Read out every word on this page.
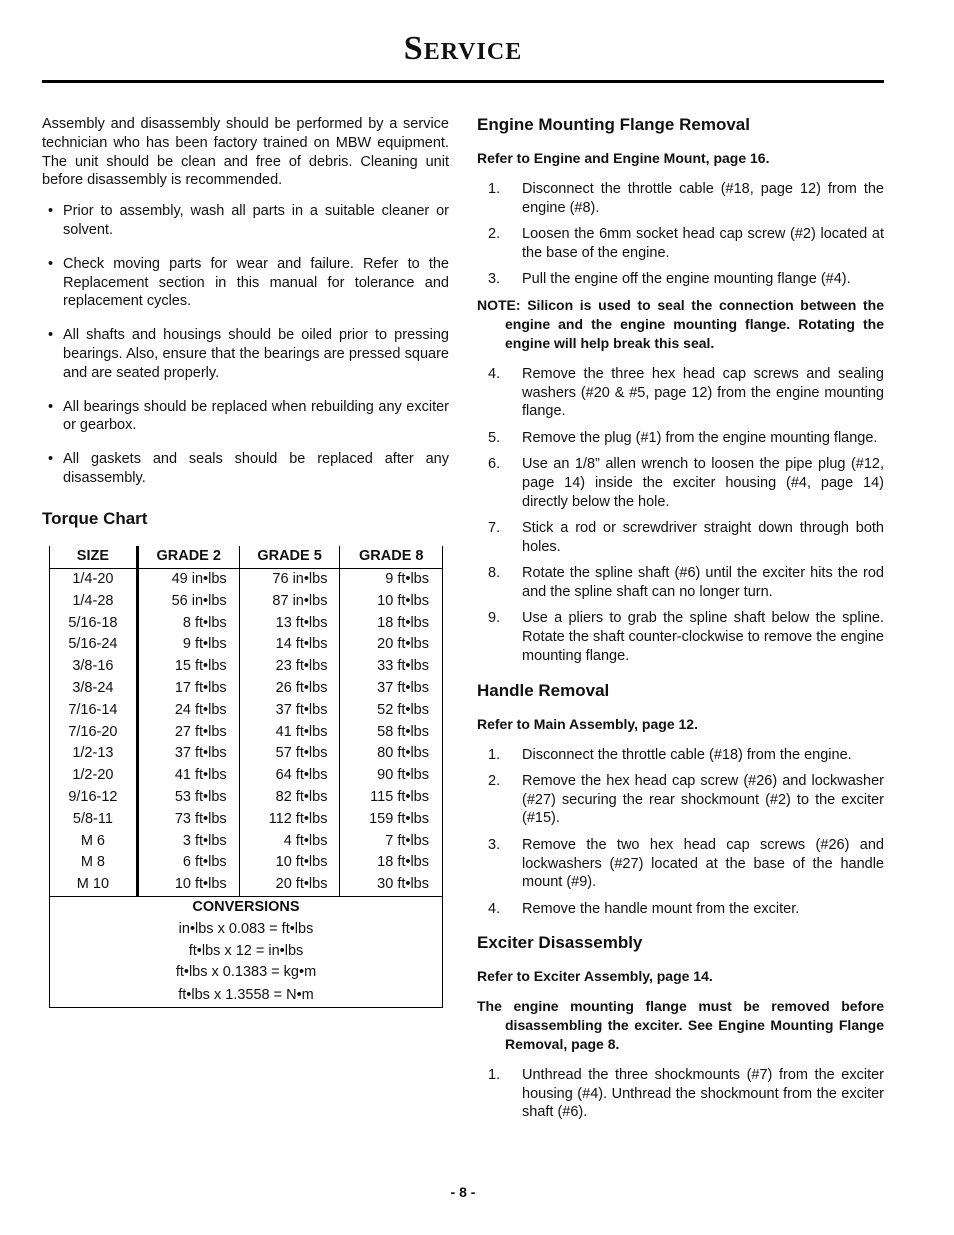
Service

Assembly and disassembly should be performed by a service technician who has been factory trained on MBW equipment. The unit should be clean and free of debris. Cleaning unit before disassembly is recommended.

• Prior to assembly, wash all parts in a suitable cleaner or solvent.
• Check moving parts for wear and failure. Refer to the Replacement section in this manual for tolerance and replacement cycles.
• All shafts and housings should be oiled prior to pressing bearings. Also, ensure that the bearings are pressed square and are seated properly.
• All bearings should be replaced when rebuilding any exciter or gearbox.
• All gaskets and seals should be replaced after any disassembly.
Torque Chart
SIZE	GRADE 2	GRADE 5	GRADE 8
1/4-20	49 in•lbs	76 in•lbs	9 ft•lbs
1/4-28	56 in•lbs	87 in•lbs	10 ft•lbs
5/16-18	8 ft•lbs	13 ft•lbs	18 ft•lbs
5/16-24	9 ft•lbs	14 ft•lbs	20 ft•lbs
3/8-16	15 ft•lbs	23 ft•lbs	33 ft•lbs
3/8-24	17 ft•lbs	26 ft•lbs	37 ft•lbs
7/16-14	24 ft•lbs	37 ft•lbs	52 ft•lbs
7/16-20	27 ft•lbs	41 ft•lbs	58 ft•lbs
1/2-13	37 ft•lbs	57 ft•lbs	80 ft•lbs
1/2-20	41 ft•lbs	64 ft•lbs	90 ft•lbs
9/16-12	53 ft•lbs	82 ft•lbs	115 ft•lbs
5/8-11	73 ft•lbs	112 ft•lbs	159 ft•lbs
M 6	3 ft•lbs	4 ft•lbs	7 ft•lbs
M 8	6 ft•lbs	10 ft•lbs	18 ft•lbs
M 10	10 ft•lbs	20 ft•lbs	30 ft•lbs
CONVERSIONS			
in•lbs x 0.083 = ft•lbs			
ft•lbs x 12 = in•lbs			
ft•lbs x 0.1383 = kg•m			
ft•lbs x 1.3558 = N•m			
Engine Mounting Flange Removal

Refer to Engine and Engine Mount, page 16.

1. Disconnect the throttle cable (#18, page 12) from the engine (#8).
2. Loosen the 6mm socket head cap screw (#2) located at the base of the engine.
3. Pull the engine off the engine mounting flange (#4).

NOTE: Silicon is used to seal the connection between the engine and the engine mounting flange. Rotating the engine will help break this seal.

4. Remove the three hex head cap screws and sealing washers (#20 & #5, page 12) from the engine mounting flange.
5. Remove the plug (#1) from the engine mounting flange.
6. Use an 1/8” allen wrench to loosen the pipe plug (#12, page 14) inside the exciter housing (#4, page 14) directly below the hole.
7. Stick a rod or screwdriver straight down through both holes.
8. Rotate the spline shaft (#6) until the exciter hits the rod and the spline shaft can no longer turn.
9. Use a pliers to grab the spline shaft below the spline. Rotate the shaft counter-clockwise to remove the engine mounting flange.
Handle Removal

Refer to Main Assembly, page 12.

1. Disconnect the throttle cable (#18) from the engine.
2. Remove the hex head cap screw (#26) and lockwasher (#27) securing the rear shockmount (#2) to the exciter (#15).
3. Remove the two hex head cap screws (#26) and lockwashers (#27) located at the base of the handle mount (#9).
4. Remove the handle mount from the exciter.
Exciter Disassembly

Refer to Exciter Assembly, page 14.

The engine mounting flange must be removed before disassembling the exciter. See Engine Mounting Flange Removal, page 8.

1. Unthread the three shockmounts (#7) from the exciter housing (#4). Unthread the shockmount from the exciter shaft (#6).
- 8 -
